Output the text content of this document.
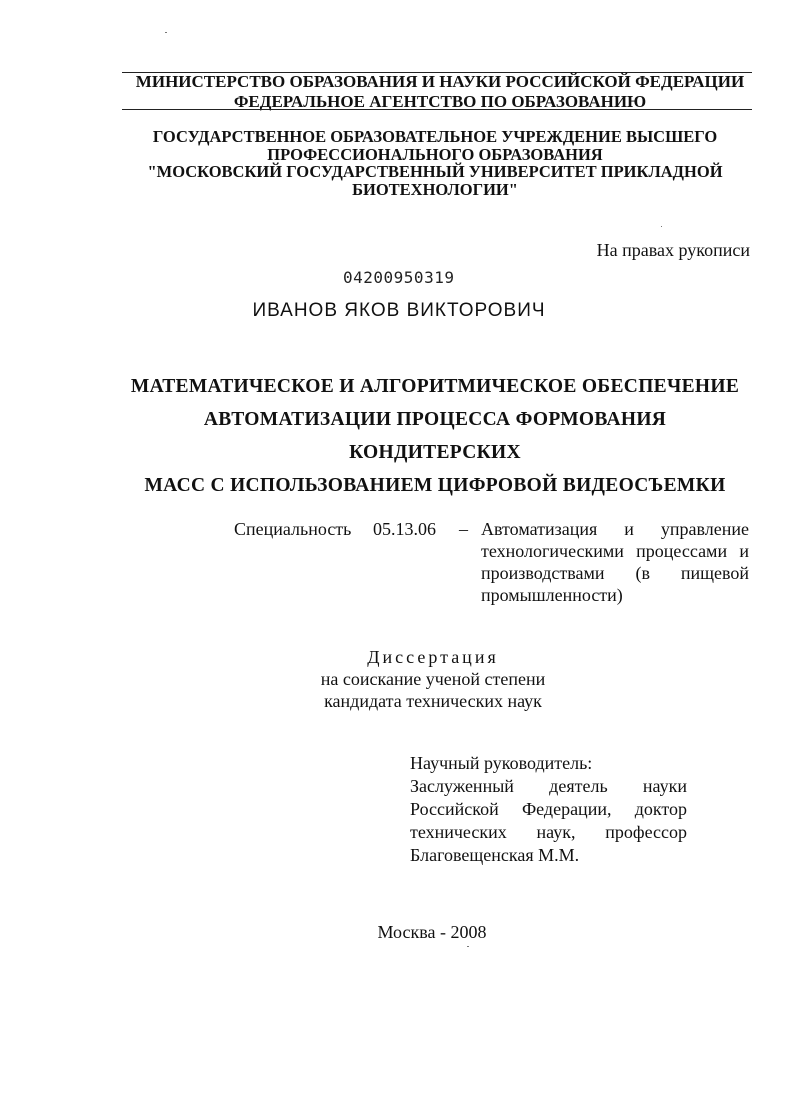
МИНИСТЕРСТВО ОБРАЗОВАНИЯ И НАУКИ РОССИЙСКОЙ ФЕДЕРАЦИИ
ФЕДЕРАЛЬНОЕ АГЕНТСТВО ПО ОБРАЗОВАНИЮ
ГОСУДАРСТВЕННОЕ ОБРАЗОВАТЕЛЬНОЕ УЧРЕЖДЕНИЕ ВЫСШЕГО
ПРОФЕССИОНАЛЬНОГО ОБРАЗОВАНИЯ
"МОСКОВСКИЙ ГОСУДАРСТВЕННЫЙ УНИВЕРСИТЕТ ПРИКЛАДНОЙ
БИОТЕХНОЛОГИИ"
На правах рукописи
04200950319
ИВАНОВ ЯКОВ ВИКТОРОВИЧ
МАТЕМАТИЧЕСКОЕ И АЛГОРИТМИЧЕСКОЕ ОБЕСПЕЧЕНИЕ
АВТОМАТИЗАЦИИ ПРОЦЕССА ФОРМОВАНИЯ КОНДИТЕРСКИХ
МАСС С ИСПОЛЬЗОВАНИЕМ ЦИФРОВОЙ ВИДЕОСЪЕМКИ
Специальность 05.13.06 – Автоматизация и управление
технологическими процессами и
производствами (в пищевой
промышленности)
Диссертация
на соискание ученой степени
кандидата технических наук
Научный руководитель:
Заслуженный деятель науки
Российской Федерации, доктор
технических наук, профессор
Благовещенская М.М.
Москва - 2008
